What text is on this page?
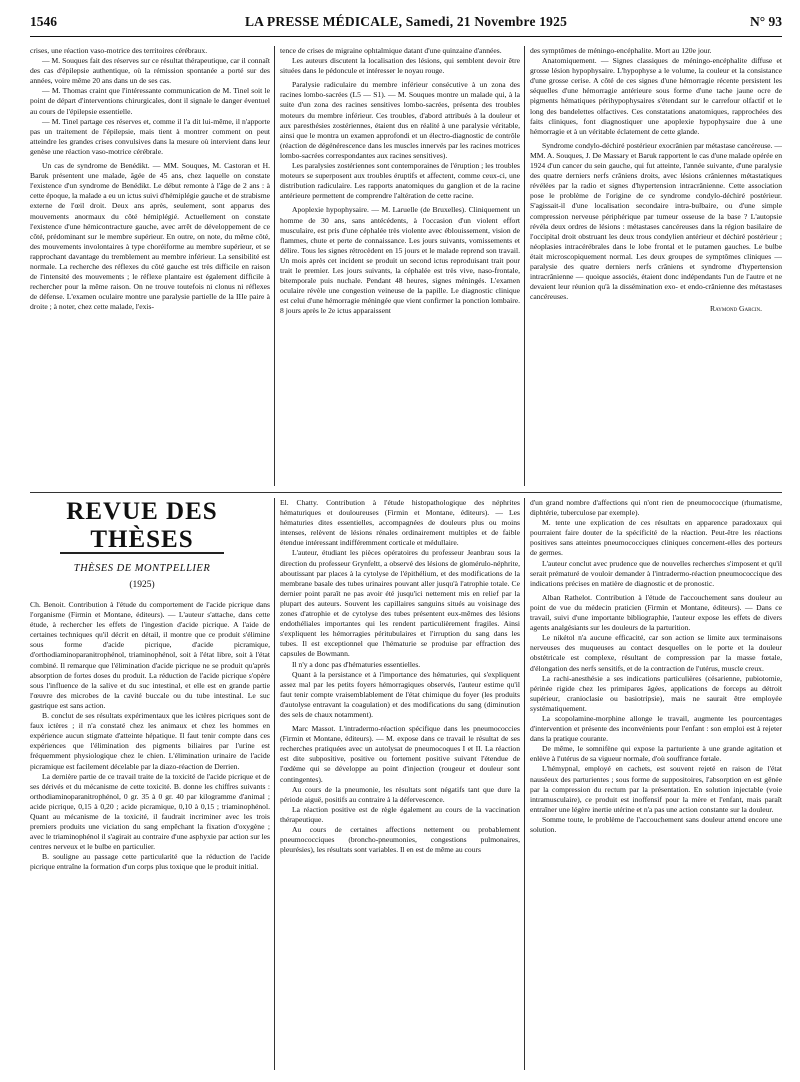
1546	LA PRESSE MÉDICALE, Samedi, 21 Novembre 1925	N° 93

crises, une réaction vaso-motrice des territoires cérébraux.

— M. Souques fait des réserves sur ce résultat thérapeutique, car il connaît des cas d'épilepsie authentique, où la rémission spontanée a porté sur des années, voire même 20 ans dans un de ses cas.

— M. Thomas craint que l'intéressante communication de M. Tinel soit le point de départ d'interventions chirurgicales, dont il signale le danger éventuel au cours de l'épilepsie essentielle.

— M. Tinel partage ces réserves et, comme il l'a dit lui-même, il n'apporte pas un traitement de l'épilepsie, mais tient à montrer comment on peut atteindre les grandes crises convulsives dans la mesure où intervient dans leur genèse une réaction vaso-motrice cérébrale.

Un cas de syndrome de Benédikt. — MM. Souques, M. Castoran et H. Baruk présentent une malade, âgée de 45 ans, chez laquelle on constate l'existence d'un syndrome de Benédikt. Le début remonte à l'âge de 2 ans : à cette époque, la malade a eu un ictus suivi d'hémiplégie gauche et de strabisme externe de l'œil droit. Deux ans après, seulement, sont apparus des mouvements anormaux du côté hémiplégié. Actuellement on constate l'existence d'une hémicontracture gauche, avec arrêt de développement de ce côté, prédominant sur le membre supérieur. En outre, on note, du même côté, des mouvements involontaires à type choréiforme au membre supérieur, et se rapprochant davantage du tremblement au membre inférieur. La sensibilité est normale. La recherche des réflexes du côté gauche est très difficile en raison de l'intensité des mouvements ; le réflexe plantaire est également difficile à rechercher pour la même raison. On ne trouve toutefois ni clonus ni réflexes de défense. L'examen oculaire montre une paralysie partielle de la IIIe paire à droite ; à noter, chez cette malade, l'exis-

tence de crises de migraine ophtalmique datant d'une quinzaine d'années.

Les auteurs discutent la localisation des lésions, qui semblent devoir être situées dans le pédoncule et intéresser le noyau rouge.

Paralysie radiculaire du membre inférieur consécutive à un zona des racines lombo-sacrées (L5 — S1). — M. Souques montre un malade qui, à la suite d'un zona des racines sensitives lombo-sacrées, présenta des troubles moteurs du membre inférieur. Ces troubles, d'abord attribués à la douleur et aux paresthésies zostériennes, étaient dus en réalité à une paralysie véritable, ainsi que le montra un examen approfondi et un électro-diagnostic de contrôle (réaction de dégénérescence dans les muscles innervés par les racines motrices lombo-sacrées correspondantes aux racines sensitives).

Les paralysies zostériennes sont contemporaines de l'éruption ; les troubles moteurs se superposent aux troubles éruptifs et affectent, comme ceux-ci, une distribution radiculaire. Les rapports anatomiques du ganglion et de la racine antérieure permettent de comprendre l'altération de cette racine.

Apoplexie hypophysaire. — M. Laruelle (de Bruxelles). Cliniquement un homme de 30 ans, sans antécédents, à l'occasion d'un violent effort musculaire, est pris d'une céphalée très violente avec éblouissement, vision de flammes, chute et perte de connaissance. Les jours suivants, vomissements et délire. Tous les signes rétrocèdent en 15 jours et le malade reprend son travail. Un mois après cet incident se produit un second ictus reproduisant trait pour trait le premier. Les jours suivants, la céphalée est très vive, naso-frontale, bitemporale puis nuchale. Pendant 48 heures, signes méningés. L'examen oculaire révèle une congestion veineuse de la papille. Le diagnostic clinique est celui d'une hémorragie méningée que vient confirmer la ponction lombaire. 8 jours après le 2e ictus apparaissent

des symptômes de méningo-encéphalite. Mort au 120e jour.

Anatomiquement. — Signes classiques de méningo-encéphalite diffuse et grosse lésion hypophysaire. L'hypophyse a le volume, la couleur et la consistance d'une grosse cerise. A côté de ces signes d'une hémorragie récente persistent les séquelles d'une hémorragie antérieure sous forme d'une tache jaune ocre de pigments hématiques périhypophysaires s'étendant sur le carrefour olfactif et le long des bandelettes olfactives. Ces constatations anatomiques, rapprochées des faits cliniques, font diagnostiquer une apoplexie hypophysaire due à une hémorragie et à un véritable éclatement de cette glande.

Syndrome condylo-déchiré postérieur exocrânien par métastase cancéreuse. — MM. A. Souques, J. De Massary et Baruk rapportent le cas d'une malade opérée en 1924 d'un cancer du sein gauche, qui fut atteinte, l'année suivante, d'une paralysie des quatre derniers nerfs crâniens droits, avec lésions crâniennes métastatiques révélées par la radio et signes d'hypertension intracrânienne. Cette association pose le problème de l'origine de ce syndrome condylo-déchiré postérieur. S'agissait-il d'une localisation secondaire intra-bulbaire, ou d'une simple compression nerveuse périphérique par tumeur osseuse de la base ? L'autopsie révéla deux ordres de lésions : métastases cancéreuses dans la région basilaire de l'occipital droit obstruant les deux trous condylien antérieur et déchiré postérieur ; néoplasies intracérébrales dans le lobe frontal et le putamen gauches. Le bulbe était microscopiquement normal. Les deux groupes de symptômes cliniques — paralysie des quatre derniers nerfs crâniens et syndrome d'hypertension intracrânienne — quoique associés, étaient donc indépendants l'un de l'autre et ne devaient leur réunion qu'à la dissémination exo- et endo-crânienne des métastases cancéreuses.

Raymond Garcin.
REVUE DES THÈSES
THÈSES DE MONTPELLIER
(1925)

Ch. Benoit. Contribution à l'étude du comportement de l'acide picrique dans l'organisme (Firmin et Montane, éditeurs). — L'auteur s'attache, dans cette étude, à rechercher les effets de l'ingestion d'acide picrique. A l'aide de certaines techniques qu'il décrit en détail, il montre que ce produit s'élimine sous forme d'acide picrique, d'acide picramique, d'orthodiaminoparanitrophénol, triaminophénol, soit à l'état libre, soit à l'état combiné. Il remarque que l'élimination d'acide picrique ne se produit qu'après absorption de fortes doses du produit. La réduction de l'acide picrique s'opère sous l'influence de la salive et du suc intestinal, et elle est en grande partie l'œuvre des microbes de la cavité buccale ou du tube intestinal. Le suc gastrique est sans action.

B. conclut de ses résultats expérimentaux que les ictères picriques sont de faux ictères ; il n'a constaté chez les animaux et chez les hommes en expérience aucun stigmate d'atteinte hépatique. Il faut tenir compte dans ces expériences que l'élimination des pigments biliaires par l'urine est fréquemment physiologique chez le chien. L'élimination urinaire de l'acide picramique est facilement décelable par la diazo-réaction de Derrien.

La dernière partie de ce travail traite de la toxicité de l'acide picrique et de ses dérivés et du mécanisme de cette toxicité. B. donne les chiffres suivants : orthodiaminoparanitrophénol, 0 gr. 35 à 0 gr. 40 par kilogramme d'animal ; acide picrique, 0,15 à 0,20 ; acide picramique, 0,10 à 0,15 ; triaminophénol. Quant au mécanisme de la toxicité, il faudrait incriminer avec les trois premiers produits une viciation du sang empêchant la fixation d'oxygène ; avec le triaminophénol il s'agirait au contraire d'une asphyxie par action sur les centres nerveux et le bulbe en particulier.

B. souligne au passage cette particularité que la réduction de l'acide picrique entraîne la formation d'un corps plus toxique que le produit initial.

El. Chatty. Contribution à l'étude histopathologique des néphrites hématuriques et douloureuses (Firmin et Montane, éditeurs). — Les hématuries dites essentielles, accompagnées de douleurs plus ou moins intenses, relèvent de lésions rénales ordinairement multiples et de faible étendue intéressant indifféremment corticale et médullaire.

L'auteur, étudiant les pièces opératoires du professeur Jeanbrau sous la direction du professeur Grynfeltt, a observé des lésions de glomérulo-néphrite, aboutissant par places à la cytolyse de l'épithélium, et des modifications de la membrane basale des tubes urinaires pouvant aller jusqu'à l'atrophie totale. Ce dernier point paraît ne pas avoir été jusqu'ici nettement mis en relief par la plupart des auteurs. Souvent les capillaires sanguins situés au voisinage des zones d'atrophie et de cytolyse des tubes présentent eux-mêmes des lésions endothéliales importantes qui les rendent particulièrement fragiles. Ainsi s'expliquent les hémorragies péritubulaires et l'irruption du sang dans les tubes. Il est exceptionnel que l'hématurie se produise par effraction des capsules de Bowmann.

Il n'y a donc pas d'hématuries essentielles.

Quant à la persistance et à l'importance des hématuries, qui s'expliquent assez mal par les petits foyers hémorragiques observés, l'auteur estime qu'il faut tenir compte vraisemblablement de l'état chimique du foyer (les produits d'autolyse entravant la coagulation) et des modifications du sang (diminution des sels de chaux notamment).

Marc Massot. L'intradermo-réaction spécifique dans les pneumococcies (Firmin et Montane, éditeurs). — M. expose dans ce travail le résultat de ses recherches pratiquées avec un autolysat de pneumocoques I et II. La réaction est dite subpositive, positive ou fortement positive suivant l'étendue de l'œdème qui se développe au point d'injection (rougeur et douleur sont contingentes).

Au cours de la pneumonie, les résultats sont négatifs tant que dure la période aiguë, positifs au contraire à la défervescence.

La réaction positive est de règle également au cours de la vaccination thérapeutique.

Au cours de certaines affections nettement ou probablement pneumococciques (broncho-pneumonies, congestions pulmonaires, pleurésies), les résultats sont variables. Il en est de même au cours

d'un grand nombre d'affections qui n'ont rien de pneumococcique (rhumatisme, diphtérie, tuberculose par exemple).

M. tente une explication de ces résultats en apparence paradoxaux qui pourraient faire douter de la spécificité de la réaction. Peut-être les réactions positives sans atteintes pneumococciques cliniques concernent-elles des porteurs de germes.

L'auteur conclut avec prudence que de nouvelles recherches s'imposent et qu'il serait prématuré de vouloir demander à l'intradermo-réaction pneumococcique des indications précises en matière de diagnostic et de pronostic.

Alban Rathelot. Contribution à l'étude de l'accouchement sans douleur au point de vue du médecin praticien (Firmin et Montane, éditeurs). — Dans ce travail, suivi d'une importante bibliographie, l'auteur expose les effets de divers agents analgésiants sur les douleurs de la parturition.

Le nikétol n'a aucune efficacité, car son action se limite aux terminaisons nerveuses des muqueuses au contact desquelles on le porte et la douleur obstétricale est complexe, résultant de compression par la masse fœtale, d'élongation des nerfs sensitifs, et de la contraction de l'utérus, muscle creux.

La rachi-anesthésie a ses indications particulières (césarienne, pubiotomie, périnée rigide chez les primipares âgées, applications de forceps au détroit supérieur, cranioclasie ou basiotripsie), mais ne saurait être employée systématiquement.

La scopolamine-morphine allonge le travail, augmente les pourcentages d'intervention et présente des inconvénients pour l'enfant : son emploi est à rejeter dans la pratique courante.

De même, le somnifène qui expose la parturiente à une grande agitation et enlève à l'utérus de sa vigueur normale, d'où souffrance fœtale.

L'hémypnal, employé en cachets, est souvent rejeté en raison de l'état nauséeux des parturientes ; sous forme de suppositoires, l'absorption en est gênée par la compression du rectum par la présentation. En solution injectable (voie intramusculaire), ce produit est inoffensif pour la mère et l'enfant, mais paraît entraîner une légère inertie utérine et n'a pas une action constante sur la douleur.

Somme toute, le problème de l'accouchement sans douleur attend encore une solution.
